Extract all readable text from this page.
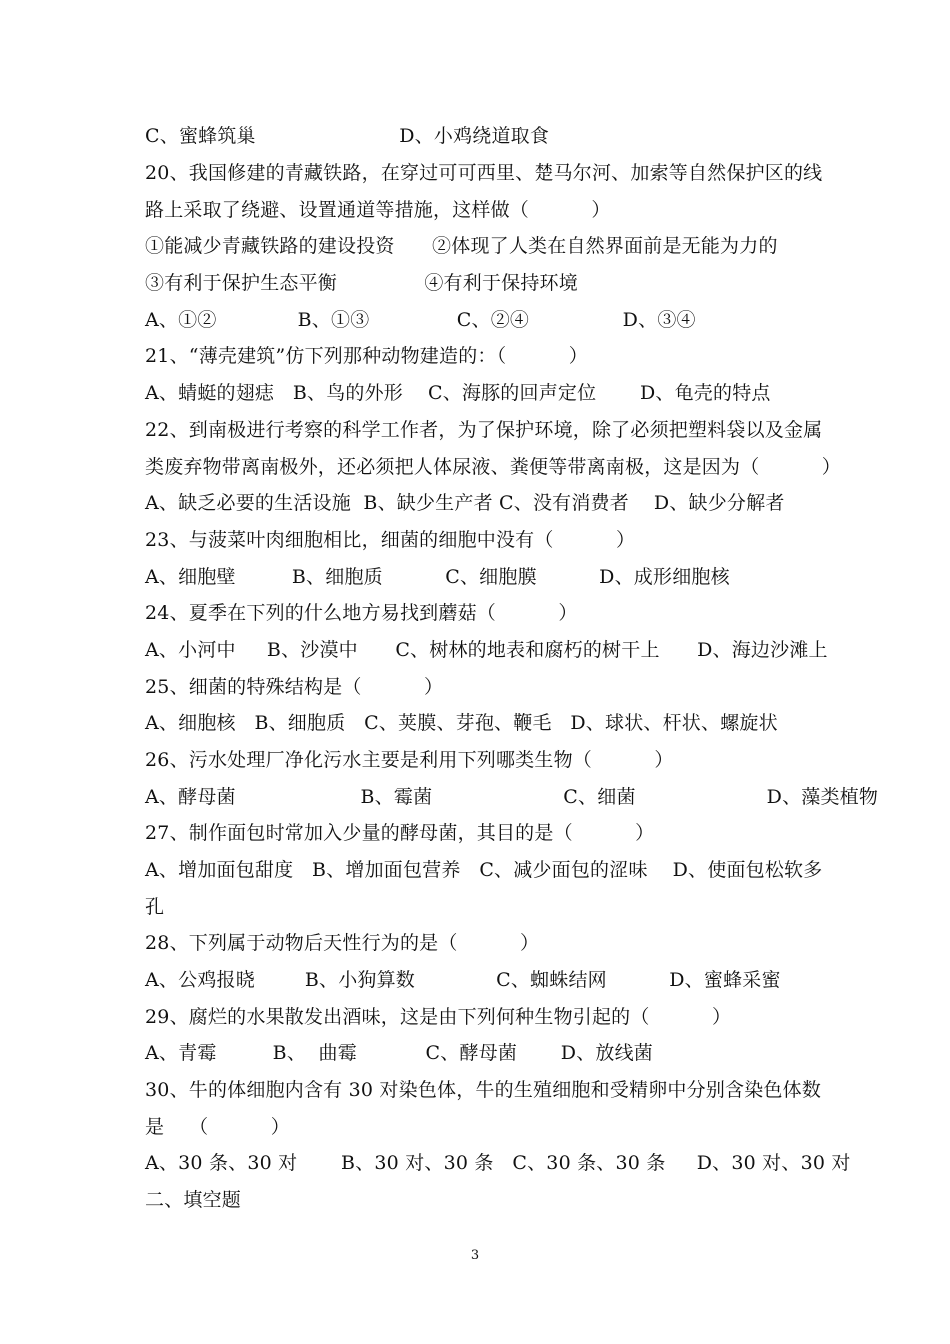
C、蜜蜂筑巢                       D、小鸡绕道取食
20、我国修建的青藏铁路，在穿过可可西里、楚马尔河、加索等自然保护区的线
路上采取了绕避、设置通道等措施，这样做（          ）
①能减少青藏铁路的建设投资      ②体现了人类在自然界面前是无能为力的
③有利于保护生态平衡              ④有利于保持环境
A、①②             B、①③              C、②④               D、③④
21、“薄壳建筑”仿下列那种动物建造的：（          ）
A、蜻蜓的翅痣   B、鸟的外形    C、海豚的回声定位       D、龟壳的特点
22、到南极进行考察的科学工作者，为了保护环境，除了必须把塑料袋以及金属
类废弃物带离南极外，还必须把人体尿液、粪便等带离南极，这是因为（          ）
A、缺乏必要的生活设施  B、缺少生产者 C、没有消费者    D、缺少分解者
23、与菠菜叶肉细胞相比，细菌的细胞中没有（          ）
A、细胞壁         B、细胞质          C、细胞膜          D、成形细胞核
24、夏季在下列的什么地方易找到蘑菇（          ）
A、小河中     B、沙漠中      C、树林的地表和腐朽的树干上      D、海边沙滩上
25、细菌的特殊结构是（          ）
A、细胞核   B、细胞质   C、荚膜、芽孢、鞭毛   D、球状、杆状、螺旋状
26、污水处理厂净化污水主要是利用下列哪类生物（          ）
A、酵母菌                    B、霉菌                     C、细菌                     D、藻类植物
27、制作面包时常加入少量的酵母菌，其目的是（          ）
A、增加面包甜度   B、增加面包营养   C、减少面包的涩味    D、使面包松软多
孔
28、下列属于动物后天性行为的是（          ）
A、公鸡报晓        B、小狗算数             C、蜘蛛结网          D、蜜蜂采蜜
29、腐烂的水果散发出酒味，这是由下列何种生物引起的（          ）
A、青霉         B、  曲霉           C、酵母菌       D、放线菌
30、牛的体细胞内含有 30 对染色体，牛的生殖细胞和受精卵中分别含染色体数
是    （          ）
A、30 条、30 对       B、30 对、30 条   C、30 条、30 条     D、30 对、30 对
二、填空题
3
